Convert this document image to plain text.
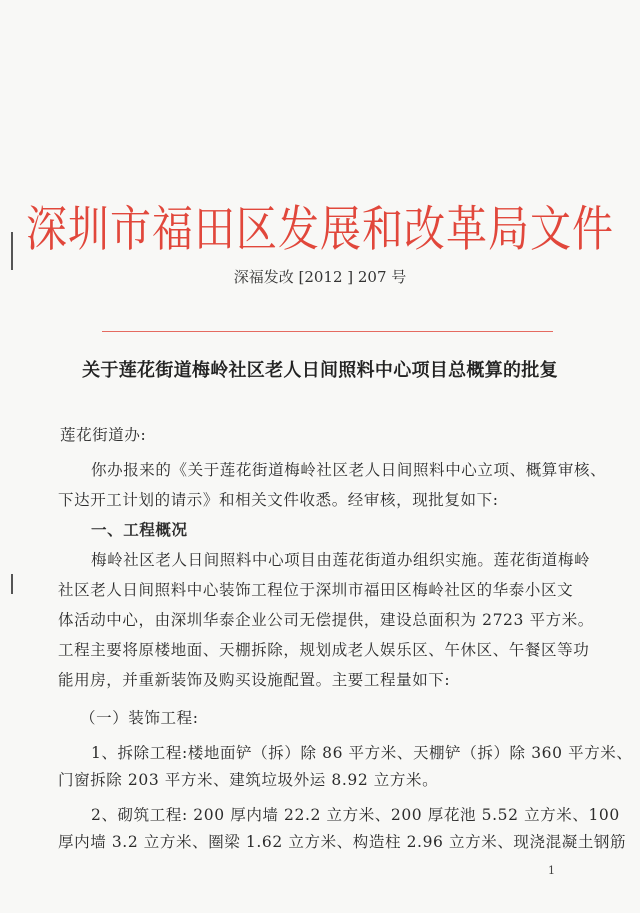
深圳市福田区发展和改革局文件
深福发改 [2012 ] 207 号
关于莲花街道梅岭社区老人日间照料中心项目总概算的批复
莲花街道办:
你办报来的《关于莲花街道梅岭社区老人日间照料中心立项、概算审核、
下达开工计划的请示》和相关文件收悉。经审核，现批复如下:
一、工程概况
梅岭社区老人日间照料中心项目由莲花街道办组织实施。莲花街道梅岭
社区老人日间照料中心装饰工程位于深圳市福田区梅岭社区的华泰小区文
体活动中心，由深圳华泰企业公司无偿提供，建设总面积为 2723 平方米。
工程主要将原楼地面、天棚拆除，规划成老人娱乐区、午休区、午餐区等功
能用房，并重新装饰及购买设施配置。主要工程量如下:
（一）装饰工程:
1、拆除工程:楼地面铲（拆）除 86 平方米、天棚铲（拆）除 360 平方米、
门窗拆除 203 平方米、建筑垃圾外运 8.92 立方米。
2、砌筑工程: 200 厚内墙 22.2 立方米、200 厚花池 5.52 立方米、100
厚内墙 3.2 立方米、圈梁 1.62 立方米、构造柱 2.96 立方米、现浇混凝土钢筋
1
